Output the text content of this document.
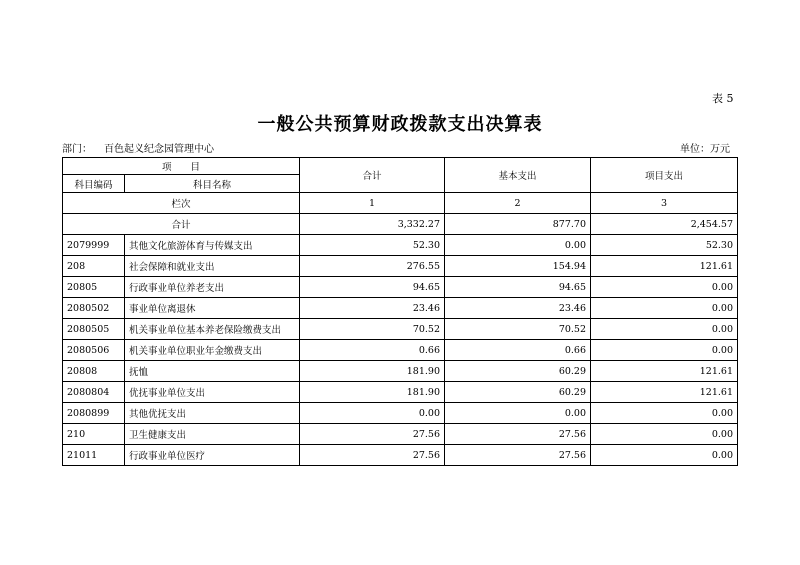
表 5
一般公共预算财政拨款支出决算表
部门： 百色起义纪念园管理中心	单位：万元
项　　目		合计	基本支出	项目支出
科目编码	科目名称			
栏次		1	2	3
合计		3,332.27	877.70	2,454.57
2079999	其他文化旅游体育与传媒支出	52.30	0.00	52.30
208	社会保障和就业支出	276.55	154.94	121.61
20805	行政事业单位养老支出	94.65	94.65	0.00
2080502	事业单位离退休	23.46	23.46	0.00
2080505	机关事业单位基本养老保险缴费支出	70.52	70.52	0.00
2080506	机关事业单位职业年金缴费支出	0.66	0.66	0.00
20808	抚恤	181.90	60.29	121.61
2080804	优抚事业单位支出	181.90	60.29	121.61
2080899	其他优抚支出	0.00	0.00	0.00
210	卫生健康支出	27.56	27.56	0.00
21011	行政事业单位医疗	27.56	27.56	0.00
